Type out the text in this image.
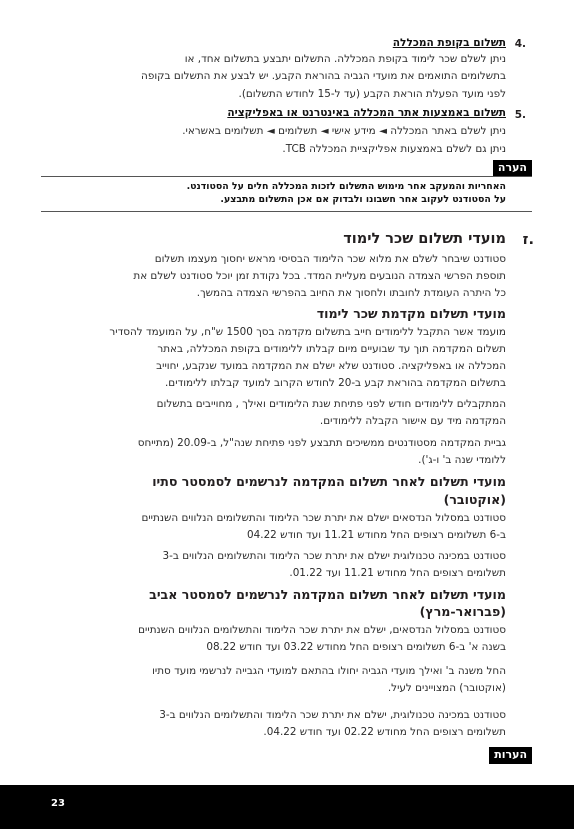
.4
תשלום בקופת המכללה
ניתן לשלם שכר לימוד בקופת המכללה. התשלום יתבצע בתשלום אחד, או
בתשלומים התואמים את מועדי הגביה בהוראת הקבע. יש לבצע את התשלום בקופה
לפני מועד הפעלת הוראת הקבע (עד ל-15 לחודש התשלום).
.5
תשלום באמצעות אתר המכללה באינטרנט או באפליקציה
ניתן לשלם באתר המכללה ◄ מידע אישי ◄ תשלומים ◄ תשלומים באשראי.
ניתן גם לשלם באמצעות אפליקציית המכללה TCB.
הערה
האחריות והמעקב אחר מימוש התשלום לזכות המכללה חלים על הסטודנט.
על הסטודנט לעקוב אחר חשבונו ולבדוק אם אכן התשלום מתבצע.
.ז
מועדי תשלום שכר לימוד
סטודנט שיבחר לשלם את מלוא שכר הלימוד הבסיסי מראש יחסוך מעצמו תשלום
תוספת הפרשי הצמדה הנובעים מעליית המדד. בכל נקודת זמן יוכל סטודנט לשלם את
כל היתרה העומדת לחובתו ולחסוך את החיוב בהפרשי הצמדה בהמשך.
מועדי תשלום מקדמת שכר לימוד
מועמד אשר התקבל ללימודים חייב בתשלום מקדמה בסך 1500 ש"ח, על המועמד להסדיר
תשלום המקדמה תוך עד שבועיים מיום קבלתו ללימודים בקופת המכללה, באתר
המכללה או באפליקציה. סטודנט שלא ישלם את המקדמה במועד שנקבע, יחוייב
בתשלום המקדמה בהוראת קבע ב-20 לחודש הקרוב למועד קבלתו ללימודים.
המתקבלים ללימודים חודש לפני פתיחת שנת הלימודים ואילך , מחוייבים בתשלום
המקדמה מיד עם אישור הקבלה ללימודים.
גביית המקדמה מסטודנטים ממשיכים תתבצע לפני פתיחת שנה"ל, ב-20.09 (מתייחס
ללומדי שנה ב' ו-ג').
מועדי תשלום לאחר תשלום המקדמה לנרשמים לסמסטר סתיו
(אוקטובר)
סטודנט במסלול הנדסאים ישלם את יתרת שכר הלימוד והתשלומים הנלווים השנתיים
ב-6 תשלומים רצופים החל מחודש 11.21 ועד חודש 04.22
סטודנט במכינה טכנולוגית ישלם את יתרת שכר הלימוד והתשלומים הנלווים ב-3
תשלומים רצופים החל מחודש 11.21 ועד 01.22.
מועדי תשלום לאחר תשלום המקדמה לנרשמים לסמסטר אביב
(פברואר-מרץ)
סטודנט במסלול הנדסאים, ישלם את יתרת שכר הלימוד והתשלומים הנלווים השנתיים
בשנה א' ב-6 תשלומים רצופים החל מחודש 03.22 ועד חודש 08.22
החל משנה ב' ואילך מועדי הגביה יחולו בהתאם למועדי הגבייה לנרשמי מועד סתיו
(אוקטובר) המצויינים לעיל.
סטודנט במכינה טכנולוגית, ישלם את יתרת שכר הלימוד והתשלומים הנלווים ב-3
תשלומים רצופים החל מחודש 02.22 ועד חודש 04.22.
הערות
23
